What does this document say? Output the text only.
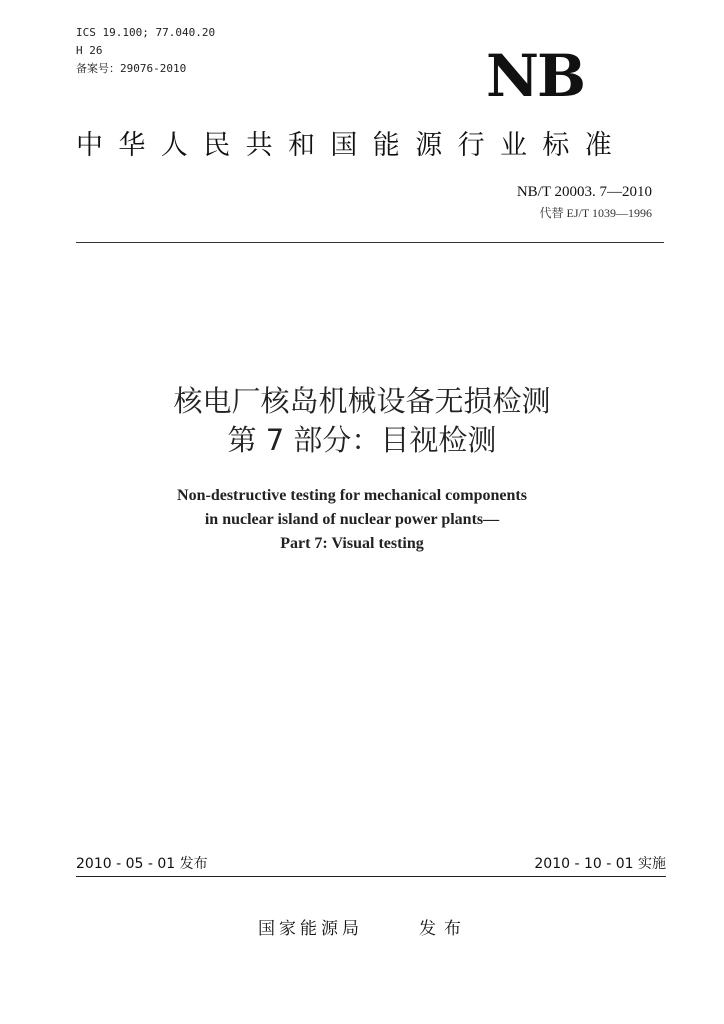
ICS 19.100; 77.040.20
H 26
备案号：29076-2010	NB
中华人民共和国能源行业标准
NB/T 20003. 7—2010
代替 EJ/T 1039—1996
核电厂核岛机械设备无损检测
第 7 部分：目视检测
Non-destructive testing for mechanical components
in nuclear island of nuclear power plants—
Part 7: Visual testing
2010 - 05 - 01 发布	2010 - 10 - 01 实施
国家能源局	发布
